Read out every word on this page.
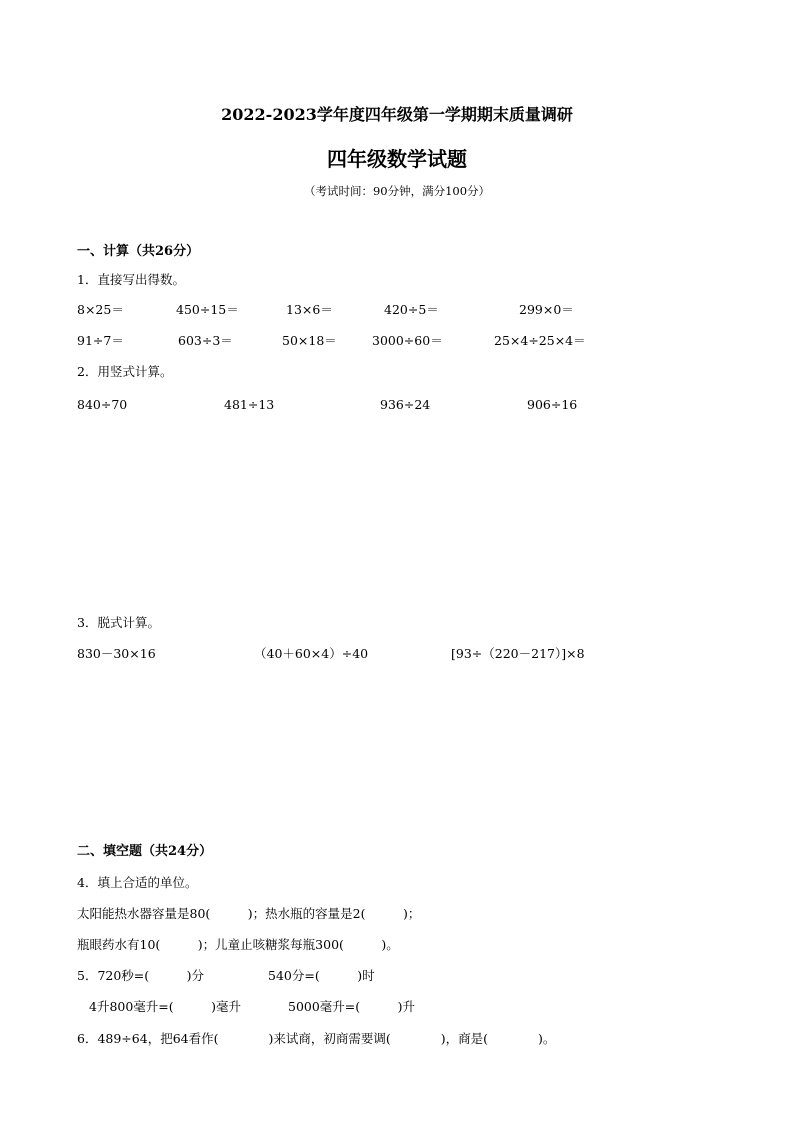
2022-2023学年度四年级第一学期期末质量调研
四年级数学试题
（考试时间：90分钟，满分100分）
一、计算（共26分）
1．直接写出得数。
8×25＝	450÷15＝	13×6＝	420÷5＝	299×0＝
91÷7＝	603÷3＝	50×18＝	3000÷60＝	25×4÷25×4＝
2．用竖式计算。
840÷70	481÷13	936÷24	906÷16
3．脱式计算。
830－30×16	（40＋60×4）÷40	[93÷（220－217）]×8
二、填空题（共24分）
4．填上合适的单位。
太阳能热水器容量是80(　　　)；热水瓶的容量是2(　　　)；
瓶眼药水有10(　　　)；儿童止咳糖浆每瓶300(　　　)。
5．720秒=(　　　)分	540分=(　　　)时
4升800毫升=(　　　)毫升	5000毫升=(　　　)升
6．489÷64，把64看作(　　　　)来试商，初商需要调(　　　　)，商是(　　　　)。
